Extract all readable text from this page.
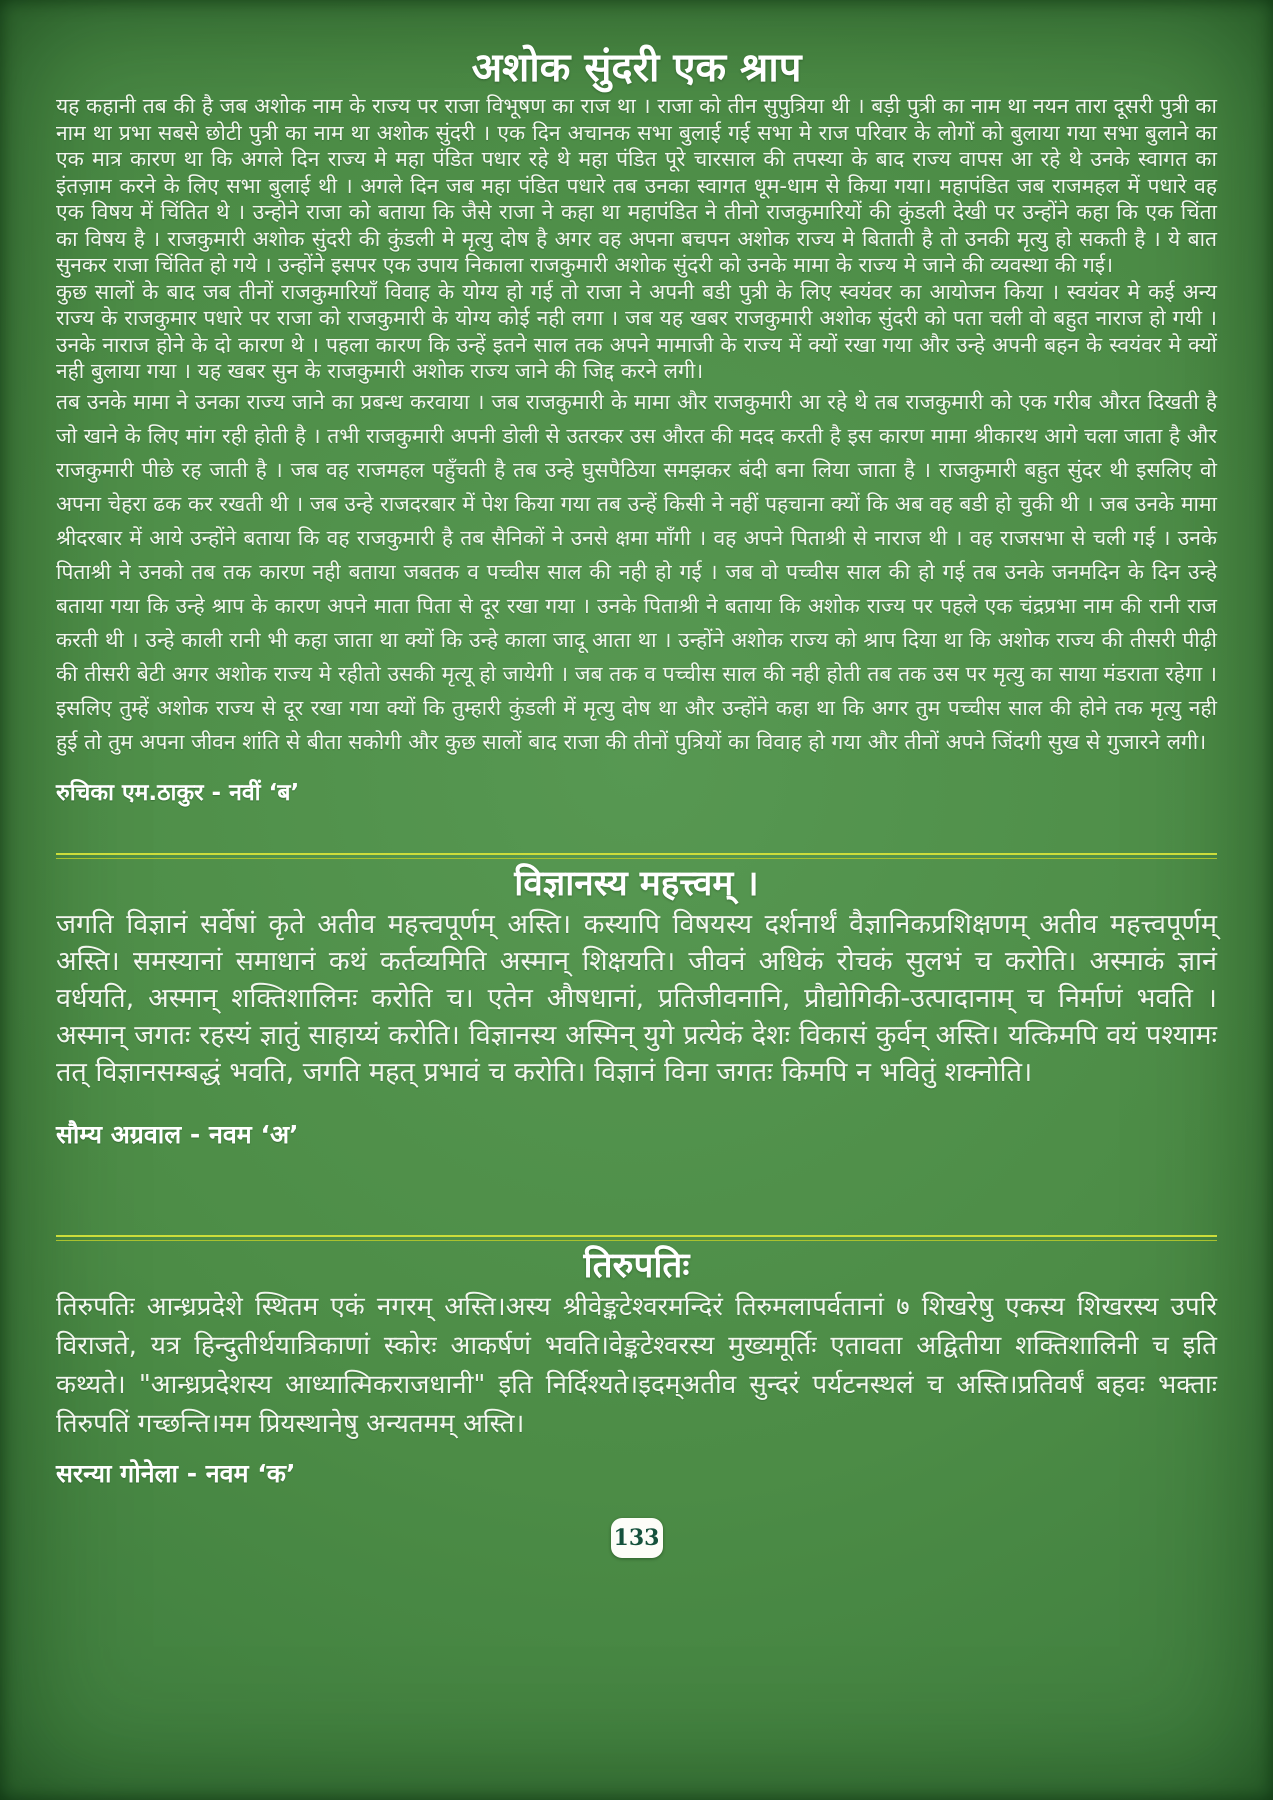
अशोक सुंदरी एक श्राप

यह कहानी तब की है जब अशोक नाम के राज्य पर राजा विभूषण का राज था । राजा को तीन सुपुत्रिया थी । बड़ी पुत्री का नाम था नयन तारा दूसरी पुत्री का नाम था प्रभा सबसे छोटी पुत्री का नाम था अशोक सुंदरी । एक दिन अचानक सभा बुलाई गई सभा मे राज परिवार के लोगों को बुलाया गया सभा बुलाने का एक मात्र कारण था कि अगले दिन राज्य मे महा पंडित पधार रहे थे महा पंडित पूरे चारसाल की तपस्या के बाद राज्य वापस आ रहे थे उनके स्वागत का इंतज़ाम करने के लिए सभा बुलाई थी । अगले दिन जब महा पंडित पधारे तब उनका स्वागत धूम-धाम से किया गया। महापंडित जब राजमहल में पधारे वह एक विषय में चिंतित थे । उन्होने राजा को बताया कि जैसे राजा ने कहा था महापंडित ने तीनो राजकुमारियों की कुंडली देखी पर उन्होंने कहा कि एक चिंता का विषय है । राजकुमारी अशोक सुंदरी की कुंडली मे मृत्यु दोष है अगर वह अपना बचपन अशोक राज्य मे बिताती है तो उनकी मृत्यु हो सकती है । ये बात सुनकर राजा चिंतित हो गये । उन्होंने इसपर एक उपाय निकाला राजकुमारी अशोक सुंदरी को उनके मामा के राज्य मे जाने की व्यवस्था की गई।

कुछ सालों के बाद जब तीनों राजकुमारियाँ विवाह के योग्य हो गई तो राजा ने अपनी बडी पुत्री के लिए स्वयंवर का आयोजन किया । स्वयंवर मे कई अन्य राज्य के राजकुमार पधारे पर राजा को राजकुमारी के योग्य कोई नही लगा । जब यह खबर राजकुमारी अशोक सुंदरी को पता चली वो बहुत नाराज हो गयी । उनके नाराज होने के दो कारण थे । पहला कारण कि उन्हें इतने साल तक अपने मामाजी के राज्य में क्यों रखा गया और उन्हे अपनी बहन के स्वयंवर मे क्यों नही बुलाया गया । यह खबर सुन के राजकुमारी अशोक राज्य जाने की जिद्द करने लगी।

तब उनके मामा ने उनका राज्य जाने का प्रबन्ध करवाया । जब राजकुमारी के मामा और राजकुमारी आ रहे थे तब राजकुमारी को एक गरीब औरत दिखती है जो खाने के लिए मांग रही होती है । तभी राजकुमारी अपनी डोली से उतरकर उस औरत की मदद करती है इस कारण मामा श्रीकारथ आगे चला जाता है और राजकुमारी पीछे रह जाती है । जब वह राजमहल पहुँचती है तब उन्हे घुसपैठिया समझकर बंदी बना लिया जाता है । राजकुमारी बहुत सुंदर थी इसलिए वो अपना चेहरा ढक कर रखती थी । जब उन्हे राजदरबार में पेश किया गया तब उन्हें किसी ने नहीं पहचाना क्यों कि अब वह बडी हो चुकी थी । जब उनके मामा श्रीदरबार में आये उन्होंने बताया कि वह राजकुमारी है तब सैनिकों ने उनसे क्षमा माँगी । वह अपने पिताश्री से नाराज थी । वह राजसभा से चली गई । उनके पिताश्री ने उनको तब तक कारण नही बताया जबतक व पच्चीस साल की नही हो गई । जब वो पच्चीस साल की हो गई तब उनके जनमदिन के दिन उन्हे बताया गया कि उन्हे श्राप के कारण अपने माता पिता से दूर रखा गया । उनके पिताश्री ने बताया कि अशोक राज्य पर पहले एक चंद्रप्रभा नाम की रानी राज करती थी । उन्हे काली रानी भी कहा जाता था क्यों कि उन्हे काला जादू आता था । उन्होंने अशोक राज्य को श्राप दिया था कि अशोक राज्य की तीसरी पीढ़ी की तीसरी बेटी अगर अशोक राज्य मे रहीतो उसकी मृत्यू हो जायेगी । जब तक व पच्चीस साल की नही होती तब तक उस पर मृत्यु का साया मंडराता रहेगा । इसलिए तुम्हें अशोक राज्य से दूर रखा गया क्यों कि तुम्हारी कुंडली में मृत्यु दोष था और उन्होंने कहा था कि अगर तुम पच्चीस साल की होने तक मृत्यु नही हुई तो तुम अपना जीवन शांति से बीता सकोगी और कुछ सालों बाद राजा की तीनों पुत्रियों का विवाह हो गया और तीनों अपने जिंदगी सुख से गुजारने लगी।

रुचिका एम.ठाकुर - नवीं ‘ब’

विज्ञानस्य महत्त्वम् ।

जगति विज्ञानं सर्वेषां कृते अतीव महत्त्वपूर्णम् अस्ति। कस्यापि विषयस्य दर्शनार्थं वैज्ञानिकप्रशिक्षणम् अतीव महत्त्वपूर्णम् अस्ति। समस्यानां समाधानं कथं कर्तव्यमिति अस्मान् शिक्षयति। जीवनं अधिकं रोचकं सुलभं च करोति। अस्माकं ज्ञानं वर्धयति, अस्मान् शक्तिशालिनः करोति च। एतेन औषधानां, प्रतिजीवनानि, प्रौद्योगिकी-उत्पादानाम् च निर्माणं भवति । अस्मान् जगतः रहस्यं ज्ञातुं साहाय्यं करोति। विज्ञानस्य अस्मिन् युगे प्रत्येकं देशः विकासं कुर्वन् अस्ति। यत्किमपि वयं पश्यामः तत् विज्ञानसम्बद्धं भवति, जगति महत् प्रभावं च करोति। विज्ञानं विना जगतः किमपि न भवितुं शक्नोति।

सौम्य अग्रवाल - नवम ‘अ’

तिरुपतिः

तिरुपतिः आन्ध्रप्रदेशे स्थितम एकं नगरम् अस्ति।अस्य श्रीवेङ्कटेश्वरमन्दिरं तिरुमलापर्वतानां ७ शिखरेषु एकस्य शिखरस्य उपरि विराजते, यत्र हिन्दुतीर्थयात्रिकाणां स्कोरः आकर्षणं भवति।वेङ्कटेश्वरस्य मुख्यमूर्तिः एतावता अद्वितीया शक्तिशालिनी च इति कथ्यते। "आन्ध्रप्रदेशस्य आध्यात्मिकराजधानी" इति निर्दिश्यते।इदम्अतीव सुन्दरं पर्यटनस्थलं च अस्ति।प्रतिवर्षं बहवः भक्ताः तिरुपतिं गच्छन्ति।मम प्रियस्थानेषु अन्यतमम् अस्ति।

सरन्या गोनेला - नवम ‘क’

133
